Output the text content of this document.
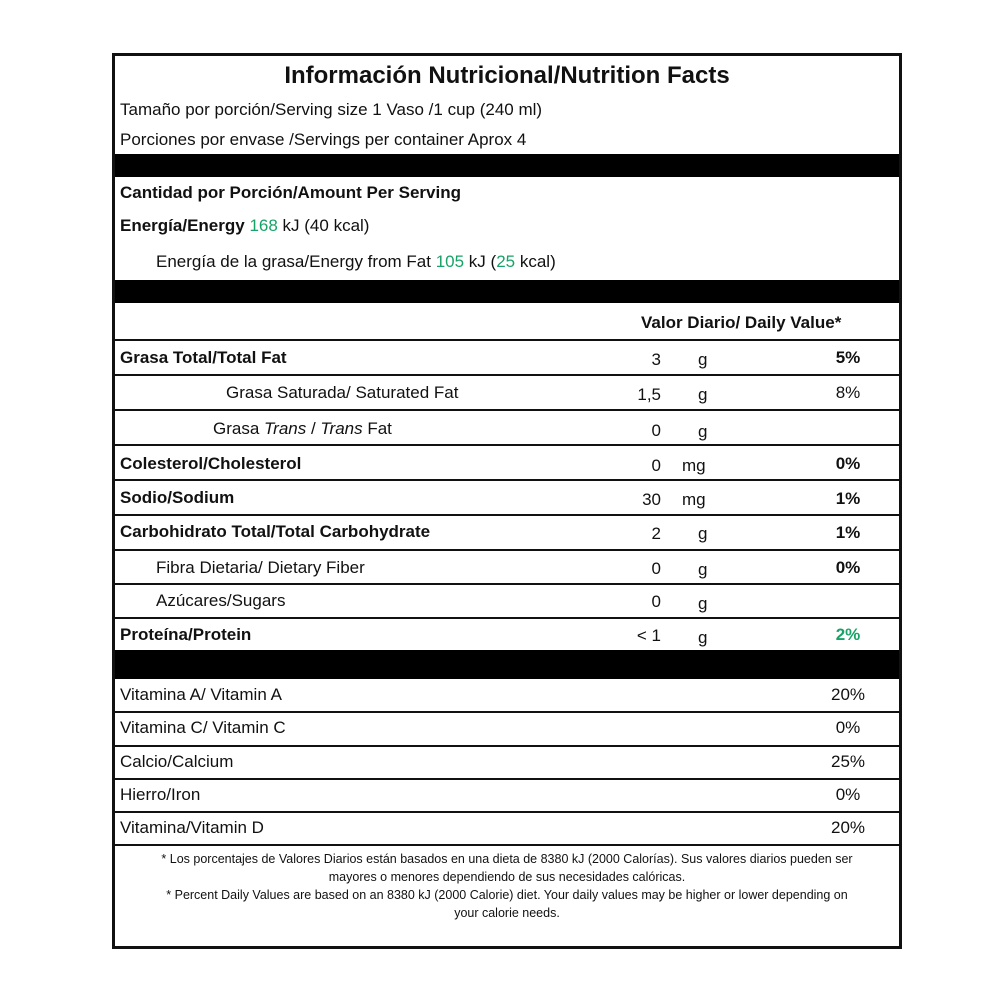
Información Nutricional/Nutrition Facts
Tamaño por porción/Serving size 1 Vaso /1 cup (240 ml)
Porciones por envase /Servings per container Aprox 4
Cantidad por Porción/Amount Per Serving
Energía/Energy 168 kJ (40 kcal)
Energía de la grasa/Energy from Fat 105 kJ (25 kcal)
Valor Diario/ Daily Value*
Grasa Total/Total Fat	3 g	5%
Grasa Saturada/ Saturated Fat	1,5 g	8%
Grasa Trans / Trans Fat	0 g
Colesterol/Cholesterol	0 mg	0%
Sodio/Sodium	30 mg	1%
Carbohidrato Total/Total Carbohydrate	2 g	1%
Fibra Dietaria/ Dietary Fiber	0 g	0%
Azúcares/Sugars	0 g
Proteína/Protein	< 1 g	2%
Vitamina A/ Vitamin A	20%
Vitamina C/ Vitamin C	0%
Calcio/Calcium	25%
Hierro/Iron	0%
Vitamina/Vitamin D	20%
* Los porcentajes de Valores Diarios están basados en una dieta de 8380 kJ (2000 Calorías). Sus valores diarios pueden ser
mayores o menores dependiendo de sus necesidades calóricas.
* Percent Daily Values are based on an 8380 kJ (2000 Calorie) diet. Your daily values may be higher or lower depending on
your calorie needs.
